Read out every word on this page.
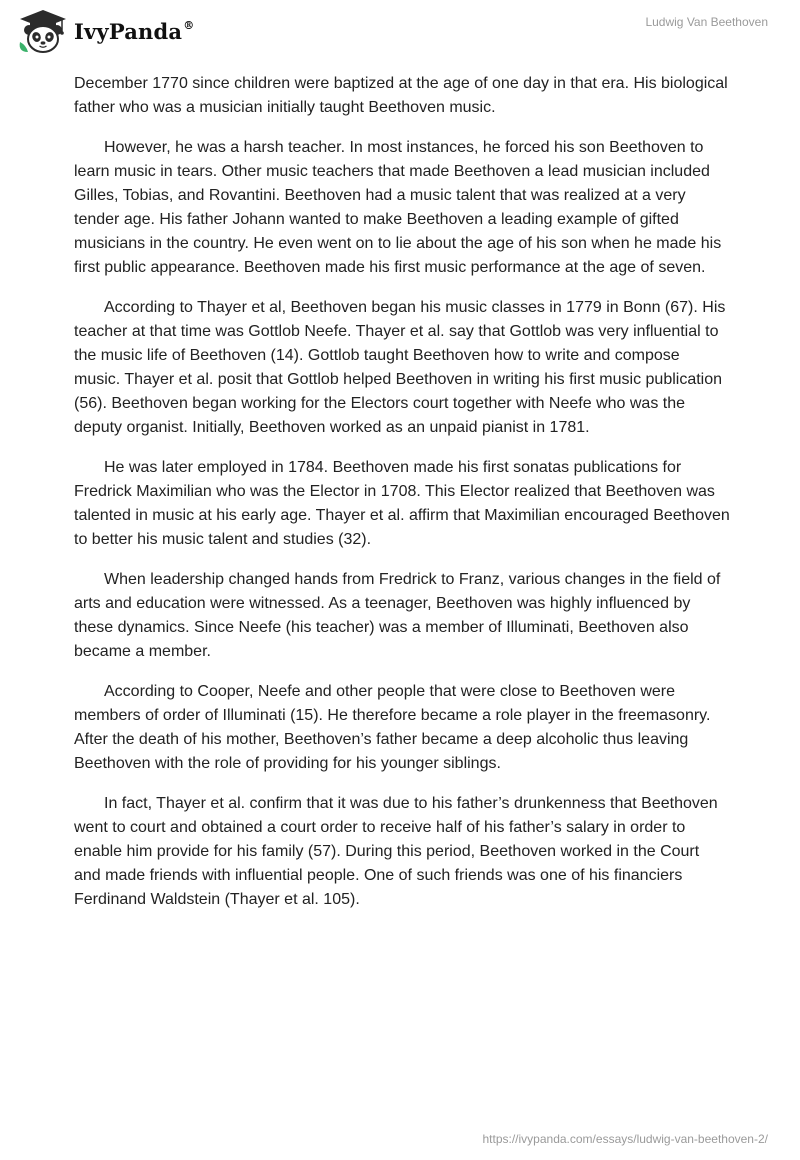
IvyPanda®	Ludwig Van Beethoven

December 1770 since children were baptized at the age of one day in that era. His biological father who was a musician initially taught Beethoven music.

However, he was a harsh teacher. In most instances, he forced his son Beethoven to learn music in tears. Other music teachers that made Beethoven a lead musician included Gilles, Tobias, and Rovantini. Beethoven had a music talent that was realized at a very tender age. His father Johann wanted to make Beethoven a leading example of gifted musicians in the country. He even went on to lie about the age of his son when he made his first public appearance. Beethoven made his first music performance at the age of seven.

According to Thayer et al, Beethoven began his music classes in 1779 in Bonn (67). His teacher at that time was Gottlob Neefe. Thayer et al. say that Gottlob was very influential to the music life of Beethoven (14). Gottlob taught Beethoven how to write and compose music. Thayer et al. posit that Gottlob helped Beethoven in writing his first music publication (56). Beethoven began working for the Electors court together with Neefe who was the deputy organist. Initially, Beethoven worked as an unpaid pianist in 1781.

He was later employed in 1784. Beethoven made his first sonatas publications for Fredrick Maximilian who was the Elector in 1708. This Elector realized that Beethoven was talented in music at his early age. Thayer et al. affirm that Maximilian encouraged Beethoven to better his music talent and studies (32).

When leadership changed hands from Fredrick to Franz, various changes in the field of arts and education were witnessed. As a teenager, Beethoven was highly influenced by these dynamics. Since Neefe (his teacher) was a member of Illuminati, Beethoven also became a member.

According to Cooper, Neefe and other people that were close to Beethoven were members of order of Illuminati (15). He therefore became a role player in the freemasonry. After the death of his mother, Beethoven’s father became a deep alcoholic thus leaving Beethoven with the role of providing for his younger siblings.

In fact, Thayer et al. confirm that it was due to his father’s drunkenness that Beethoven went to court and obtained a court order to receive half of his father’s salary in order to enable him provide for his family (57). During this period, Beethoven worked in the Court and made friends with influential people. One of such friends was one of his financiers Ferdinand Waldstein (Thayer et al. 105).

https://ivypanda.com/essays/ludwig-van-beethoven-2/
